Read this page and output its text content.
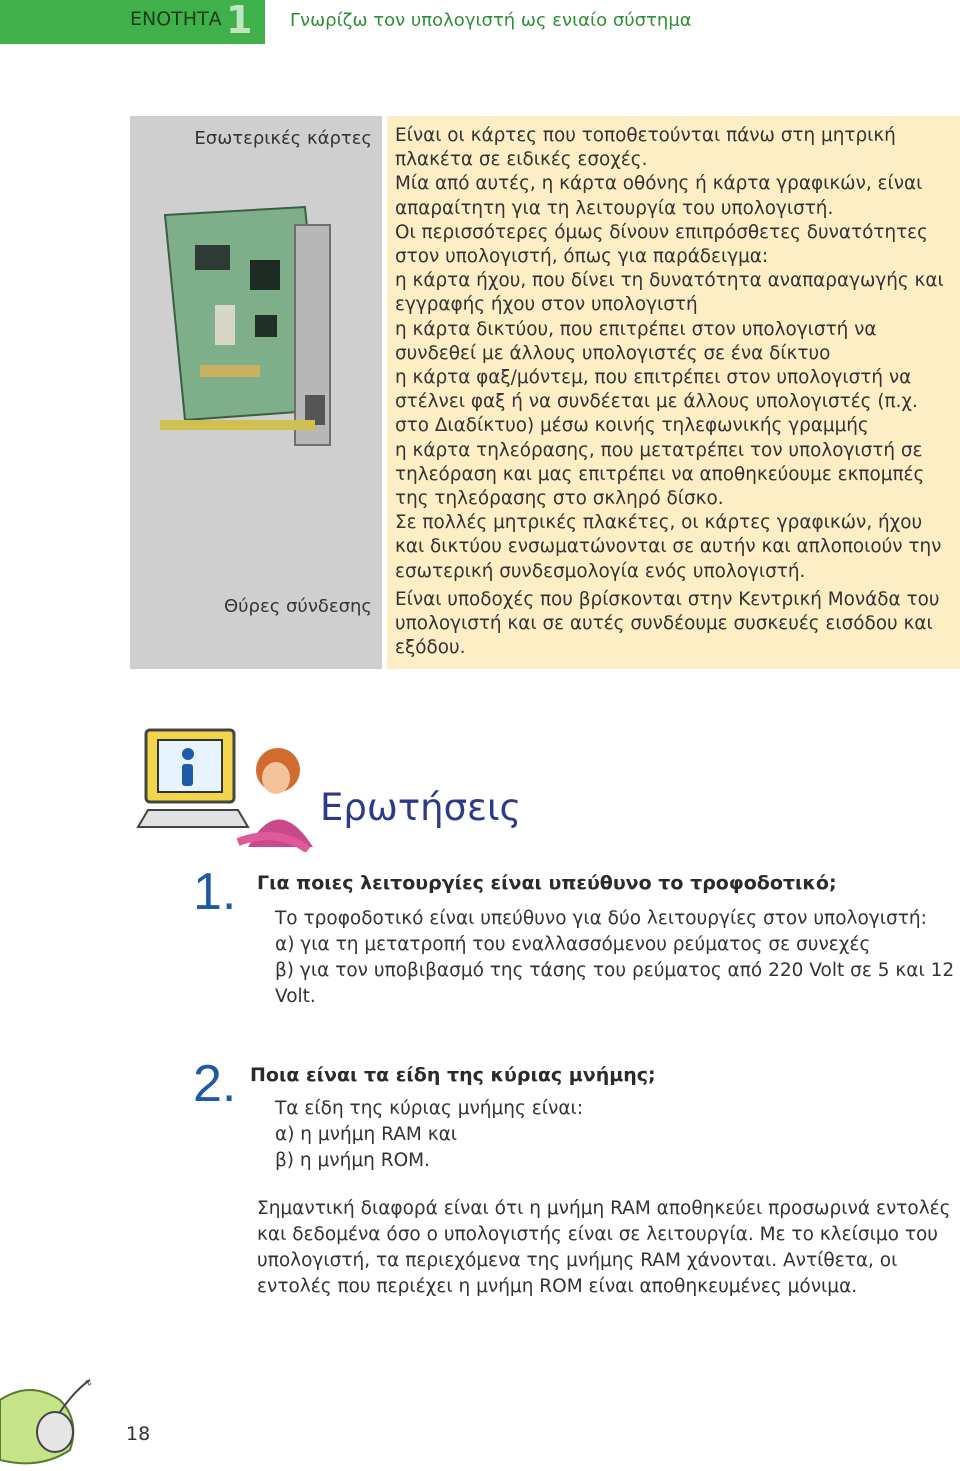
ΕΝΟΤΗΤΑ 1 Γνωρίζω τον υπολογιστή ως ενιαίο σύστημα
Εσωτερικές κάρτες
Θύρες σύνδεσης

Είναι οι κάρτες που τοποθετούνται πάνω στη μητρική πλακέτα σε ειδικές εσοχές.

Μία από αυτές, η κάρτα οθόνης ή κάρτα γραφικών, είναι απαραίτητη για τη λειτουργία του υπολογιστή.

Οι περισσότερες όμως δίνουν επιπρόσθετες δυνατότητες στον υπολογιστή, όπως για παράδειγμα:

η κάρτα ήχου, που δίνει τη δυνατότητα αναπαραγωγής και εγγραφής ήχου στον υπολογιστή

η κάρτα δικτύου, που επιτρέπει στον υπολογιστή να συνδεθεί με άλλους υπολογιστές σε ένα δίκτυο

η κάρτα φαξ/μόντεμ, που επιτρέπει στον υπολογιστή να στέλνει φαξ ή να συνδέεται με άλλους υπολογιστές (π.χ. στο Διαδίκτυο) μέσω κοινής τηλεφωνικής γραμμής

η κάρτα τηλεόρασης, που μετατρέπει τον υπολογιστή σε τηλεόραση και μας επιτρέπει να αποθηκεύουμε εκπομπές της τηλεόρασης στο σκληρό δίσκο.

Σε πολλές μητρικές πλακέτες, οι κάρτες γραφικών, ήχου και δικτύου ενσωματώνονται σε αυτήν και απλοποιούν την εσωτερική συνδεσμολογία ενός υπολογιστή.

Είναι υποδοχές που βρίσκονται στην Κεντρική Μονάδα του υπολογιστή και σε αυτές συνδέουμε συσκευές εισόδου και εξόδου.

Ερωτήσεις
1. Για ποιες λειτουργίες είναι υπεύθυνο το τροφοδοτικό;

Το τροφοδοτικό είναι υπεύθυνο για δύο λειτουργίες στον υπολογιστή:

α) για τη μετατροπή του εναλλασσόμενου ρεύματος σε συνεχές

β) για τον υποβιβασμό της τάσης του ρεύματος από 220 Volt σε 5 και 12 Volt.

2. Ποια είναι τα είδη της κύριας μνήμης;

Τα είδη της κύριας μνήμης είναι:

α) η μνήμη RAM και

β) η μνήμη ROM.

Σημαντική διαφορά είναι ότι η μνήμη RAM αποθηκεύει προσωρινά εντολές και δεδομένα όσο ο υπολογιστής είναι σε λειτουργία. Με το κλείσιμο του υπολογιστή, τα περιεχόμενα της μνήμης RAM χάνονται. Αντίθετα, οι εντολές που περιέχει η μνήμη ROM είναι αποθηκευμένες μόνιμα.
∿
18
